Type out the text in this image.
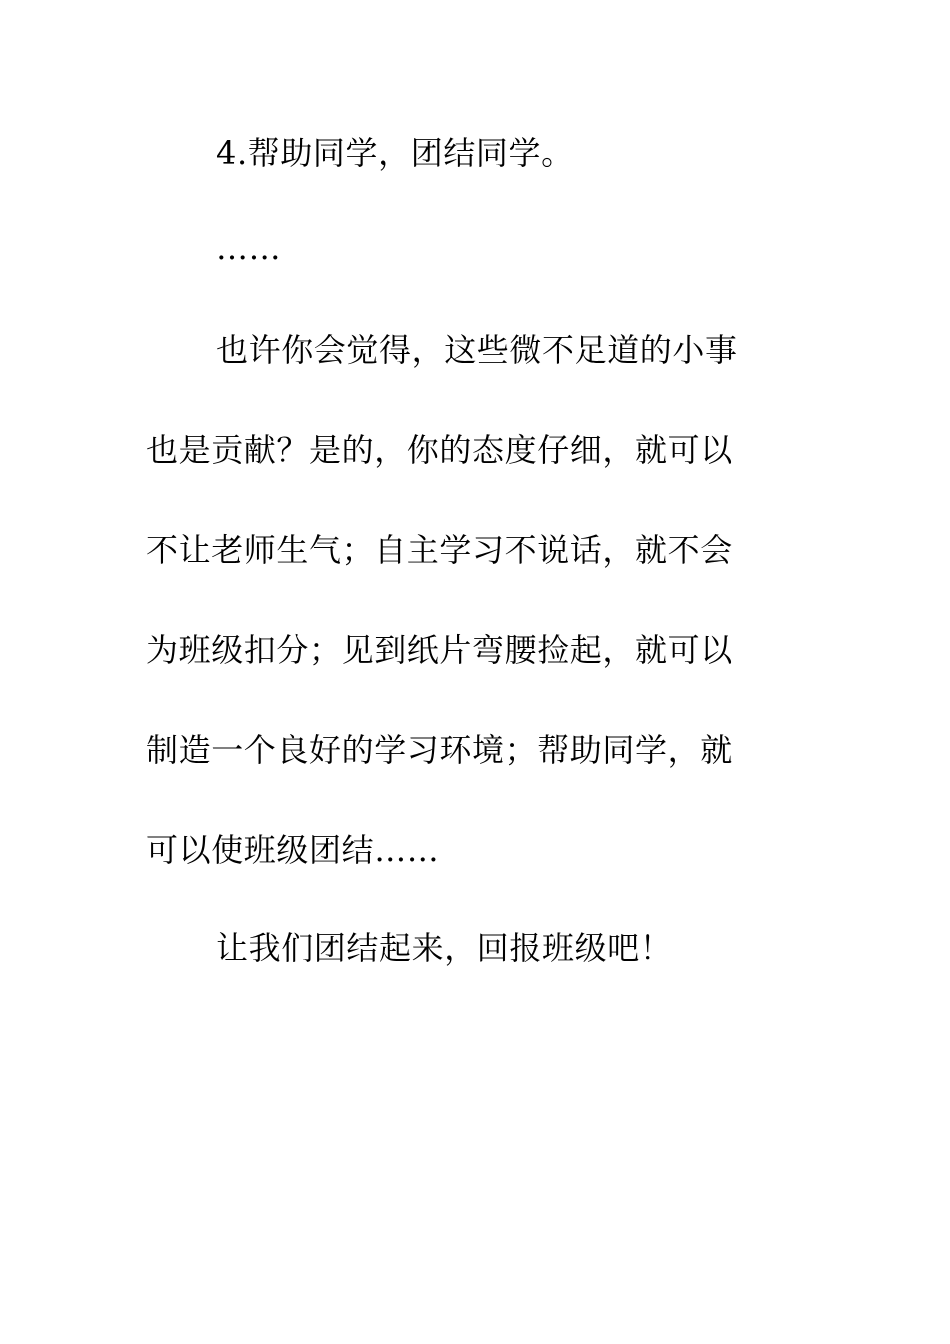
4.帮助同学，团结同学。
……
也许你会觉得，这些微不足道的小事
也是贡献？是的，你的态度仔细，就可以
不让老师生气；自主学习不说话，就不会
为班级扣分；见到纸片弯腰捡起，就可以
制造一个良好的学习环境；帮助同学，就
可以使班级团结……
让我们团结起来，回报班级吧！
